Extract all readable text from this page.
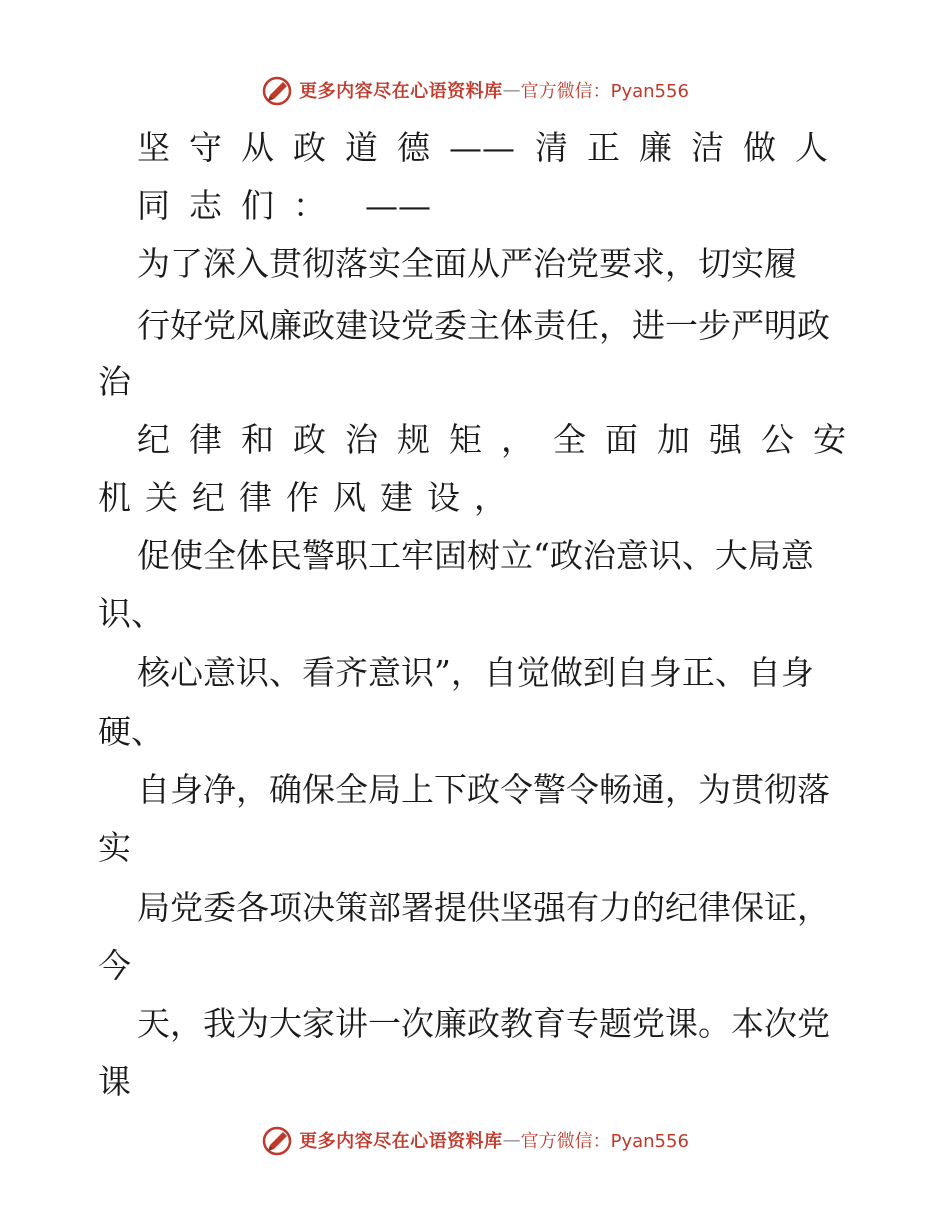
更多内容尽在心语资料库 — 官方微信：Pyan556
坚守从政道德—— 清正廉洁做人
同志们： ——
为了深入贯彻落实全面从严治党要求，切实履
行好党风廉政建设党委主体责任，进一步严明政
治
纪律和政治规矩，全面加强公安
机关纪律作风建设，
促使全体民警职工牢固树立“政治意识、大局意
识、
核心意识、看齐意识”，自觉做到自身正、自身
硬、
自身净，确保全局上下政令警令畅通，为贯彻落
实
局党委各项决策部署提供坚强有力的纪律保证，
今
天，我为大家讲一次廉政教育专题党课。本次党
课
更多内容尽在心语资料库 — 官方微信：Pyan556
